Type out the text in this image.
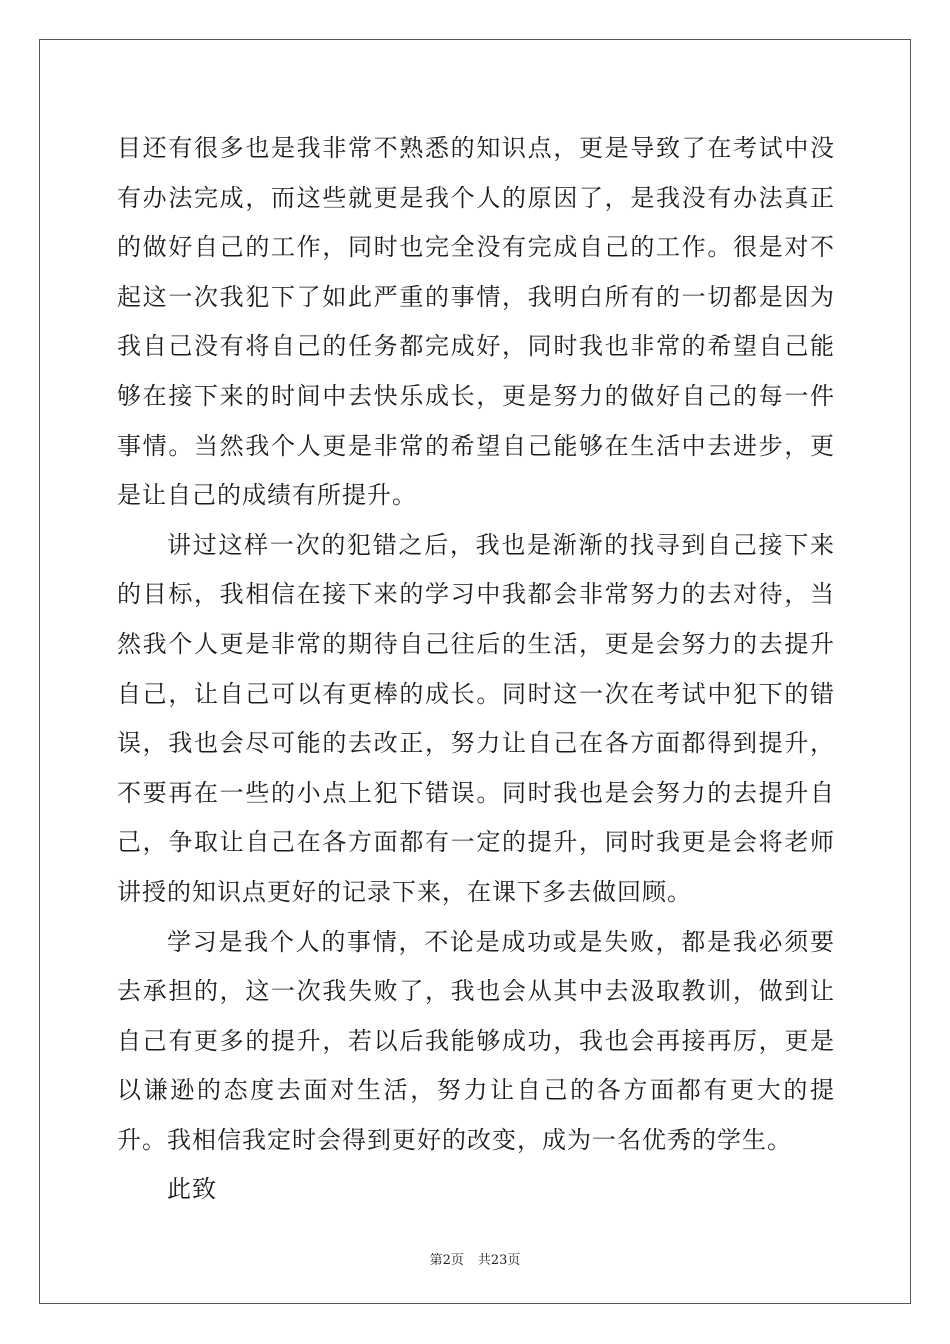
目还有很多也是我非常不熟悉的知识点，更是导致了在考试中没有办法完成，而这些就更是我个人的原因了，是我没有办法真正的做好自己的工作，同时也完全没有完成自己的工作。很是对不起这一次我犯下了如此严重的事情，我明白所有的一切都是因为我自己没有将自己的任务都完成好，同时我也非常的希望自己能够在接下来的时间中去快乐成长，更是努力的做好自己的每一件事情。当然我个人更是非常的希望自己能够在生活中去进步，更是让自己的成绩有所提升。

讲过这样一次的犯错之后，我也是渐渐的找寻到自己接下来的目标，我相信在接下来的学习中我都会非常努力的去对待，当然我个人更是非常的期待自己往后的生活，更是会努力的去提升自己，让自己可以有更棒的成长。同时这一次在考试中犯下的错误，我也会尽可能的去改正，努力让自己在各方面都得到提升，不要再在一些的小点上犯下错误。同时我也是会努力的去提升自己，争取让自己在各方面都有一定的提升，同时我更是会将老师讲授的知识点更好的记录下来，在课下多去做回顾。

学习是我个人的事情，不论是成功或是失败，都是我必须要去承担的，这一次我失败了，我也会从其中去汲取教训，做到让自己有更多的提升，若以后我能够成功，我也会再接再厉，更是以谦逊的态度去面对生活，努力让自己的各方面都有更大的提升。我相信我定时会得到更好的改变，成为一名优秀的学生。

此致

第2页 共23页
